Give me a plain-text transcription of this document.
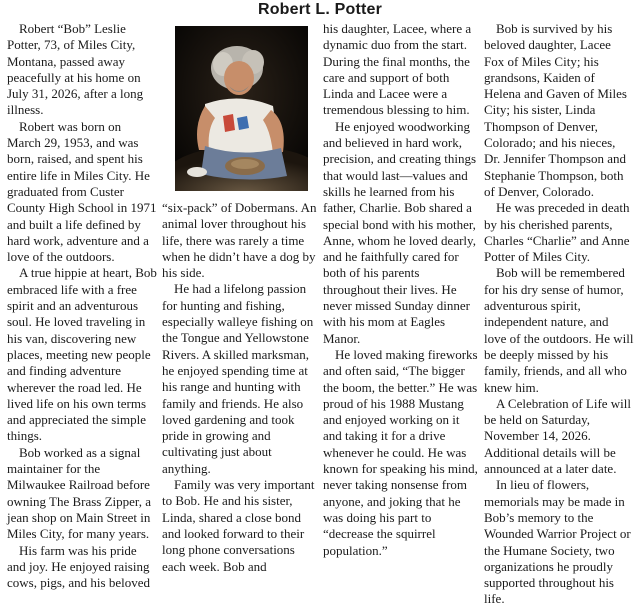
Robert L. Potter

Robert “Bob” Leslie Potter, 73, of Miles City, Montana, passed away peacefully at his home on July 31, 2026, after a long illness.

Robert was born on March 29, 1953, and was born, raised, and spent his entire life in Miles City. He graduated from Custer County High School in 1971 and built a life defined by hard work, adventure and a love of the outdoors.

A true hippie at heart, Bob embraced life with a free spirit and an adventurous soul. He loved traveling in his van, discovering new places, meeting new people and finding adventure wherever the road led. He lived life on his own terms and appreciated the simple things.

Bob worked as a signal maintainer for the Milwaukee Railroad before owning The Brass Zipper, a jean shop on Main Street in Miles City, for many years.

His farm was his pride and joy. He enjoyed raising cows, pigs, and his beloved

“six-pack” of Dobermans. An animal lover throughout his life, there was rarely a time when he didn’t have a dog by his side.

He had a lifelong passion for hunting and fishing, especially walleye fishing on the Tongue and Yellowstone Rivers. A skilled marksman, he enjoyed spending time at his range and hunting with family and friends. He also loved gardening and took pride in growing and cultivating just about anything.

Family was very important to Bob. He and his sister, Linda, shared a close bond and looked forward to their long phone conversations each week. Bob and

his daughter, Lacee, where a dynamic duo from the start. During the final months, the care and support of both Linda and Lacee were a tremendous blessing to him.

He enjoyed woodworking and believed in hard work, precision, and creating things that would last—values and skills he learned from his father, Charlie. Bob shared a special bond with his mother, Anne, whom he loved dearly, and he faithfully cared for both of his parents throughout their lives. He never missed Sunday dinner with his mom at Eagles Manor.

He loved making fireworks and often said, “The bigger the boom, the better.” He was proud of his 1988 Mustang and enjoyed working on it and taking it for a drive whenever he could. He was known for speaking his mind, never taking nonsense from anyone, and joking that he was doing his part to “decrease the squirrel population.”

Bob is survived by his beloved daughter, Lacee Fox of Miles City; his grandsons, Kaiden of Helena and Gaven of Miles City; his sister, Linda Thompson of Denver, Colorado; and his nieces, Dr. Jennifer Thompson and Stephanie Thompson, both of Denver, Colorado.

He was preceded in death by his cherished parents, Charles “Charlie” and Anne Potter of Miles City.

Bob will be remembered for his dry sense of humor, adventurous spirit, independent nature, and love of the outdoors. He will be deeply missed by his family, friends, and all who knew him.

A Celebration of Life will be held on Saturday, November 14, 2026. Additional details will be announced at a later date.

In lieu of flowers, memorials may be made in Bob’s memory to the Wounded Warrior Project or the Humane Society, two organizations he proudly supported throughout his life.
